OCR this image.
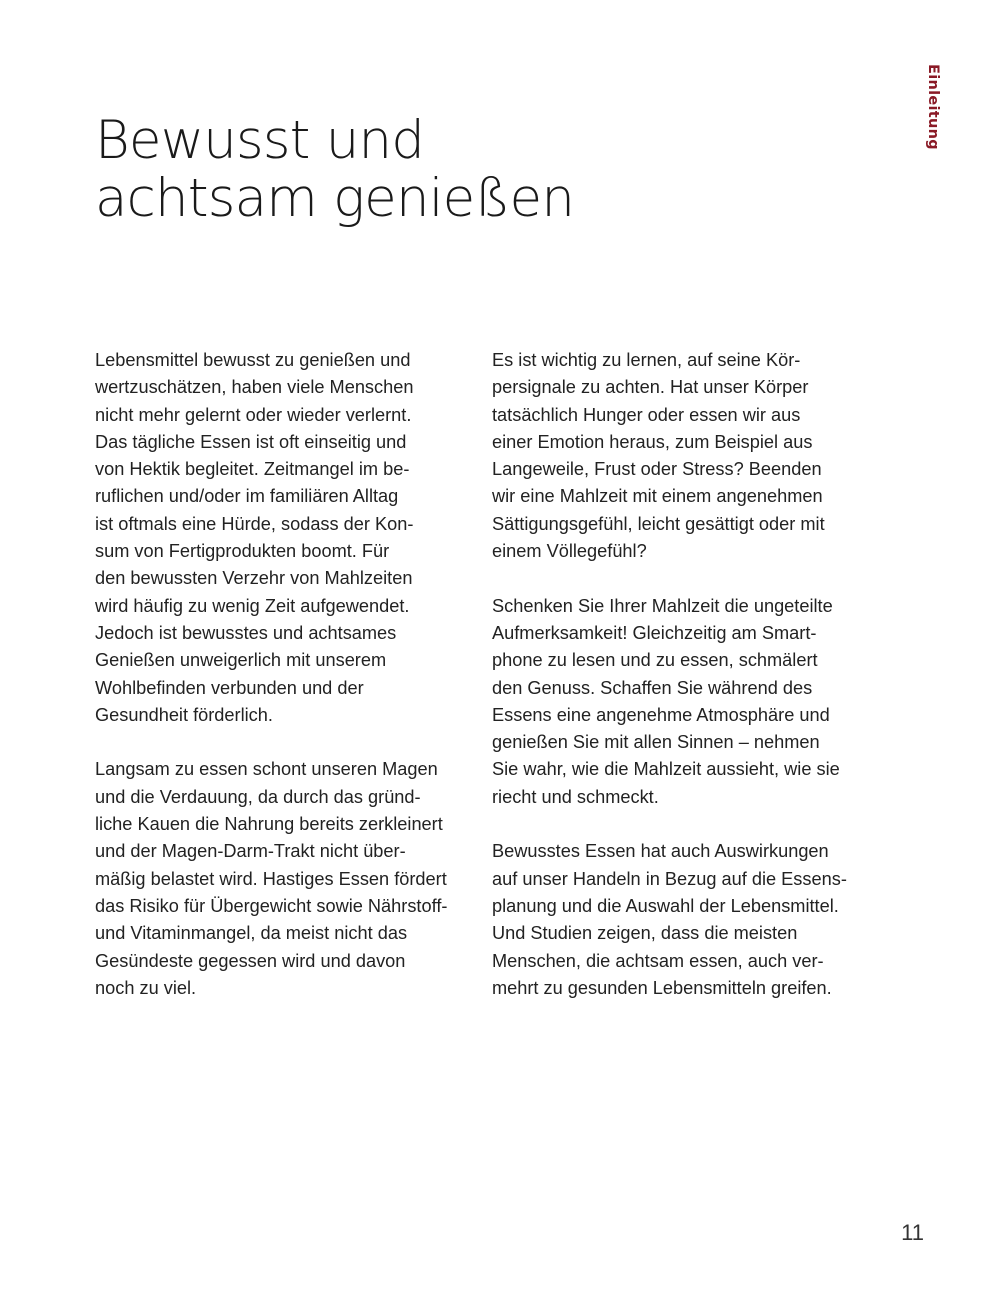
Einleitung
Bewusst und
achtsam genießen
Lebensmittel bewusst zu genießen und
wertzuschätzen, haben viele Menschen
nicht mehr gelernt oder wieder verlernt.
Das tägliche Essen ist oft einseitig und
von Hektik begleitet. Zeitmangel im be-
ruflichen und/oder im familiären Alltag
ist oftmals eine Hürde, sodass der Kon-
sum von Fertigprodukten boomt. Für
den bewussten Verzehr von Mahlzeiten
wird häufig zu wenig Zeit aufgewendet.
Jedoch ist bewusstes und achtsames
Genießen unweigerlich mit unserem
Wohlbefinden verbunden und der
Gesundheit förderlich.
Langsam zu essen schont unseren Magen
und die Verdauung, da durch das gründ-
liche Kauen die Nahrung bereits zerkleinert
und der Magen-Darm-Trakt nicht über-
mäßig belastet wird. Hastiges Essen fördert
das Risiko für Übergewicht sowie Nährstoff-
und Vitaminmangel, da meist nicht das
Gesündeste gegessen wird und davon
noch zu viel.
Es ist wichtig zu lernen, auf seine Kör-
persignale zu achten. Hat unser Körper
tatsächlich Hunger oder essen wir aus
einer Emotion heraus, zum Beispiel aus
Langeweile, Frust oder Stress? Beenden
wir eine Mahlzeit mit einem angenehmen
Sättigungsgefühl, leicht gesättigt oder mit
einem Völlegefühl?
Schenken Sie Ihrer Mahlzeit die ungeteilte
Aufmerksamkeit! Gleichzeitig am Smart-
phone zu lesen und zu essen, schmälert
den Genuss. Schaffen Sie während des
Essens eine angenehme Atmosphäre und
genießen Sie mit allen Sinnen – nehmen
Sie wahr, wie die Mahlzeit aussieht, wie sie
riecht und schmeckt.
Bewusstes Essen hat auch Auswirkungen
auf unser Handeln in Bezug auf die Essens-
planung und die Auswahl der Lebensmittel.
Und Studien zeigen, dass die meisten
Menschen, die achtsam essen, auch ver-
mehrt zu gesunden Lebensmitteln greifen.
11
